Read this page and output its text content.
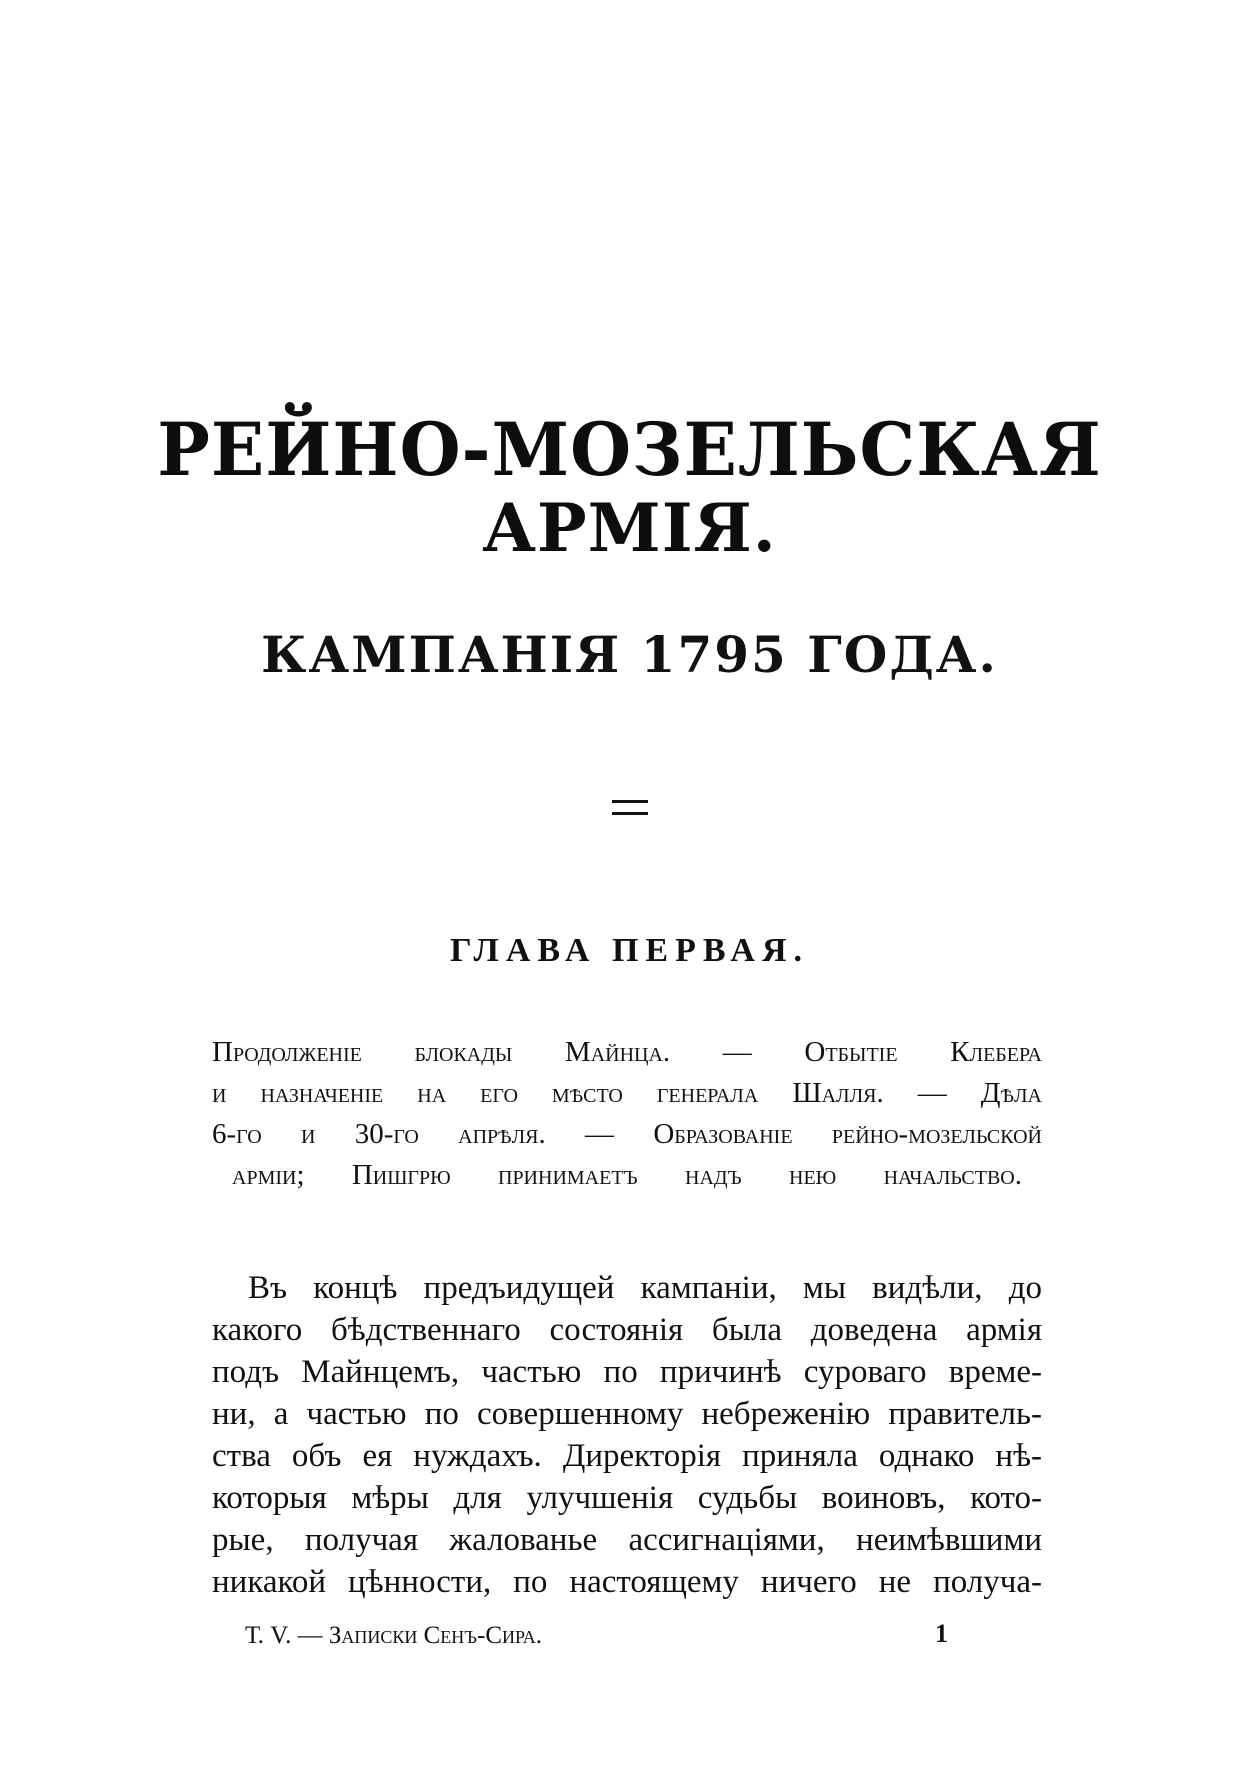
РЕЙНО-МОЗЕЛЬСКАЯ
АРМІЯ.
КАМПАНІЯ 1795 ГОДА.
ГЛАВА ПЕРВАЯ.
Продолженіе блокады Майнца. — Отбытіе Клебера
и назначеніе на его мѣсто генерала Шалля. — Дѣла
6-го и 30-го апрѣля. — Образованіе рейно-мозельской
арміи; Пишгрю принимаетъ надъ нею начальство.
Въ концѣ предъидущей кампаніи, мы видѣли, до
какого бѣдственнаго состоянія была доведена армія
подъ Майнцемъ, частью по причинѣ суроваго време-
ни, а частью по совершенному небреженію правитель-
ства объ ея нуждахъ. Директорія приняла однако нѣ-
которыя мѣры для улучшенія судьбы воиновъ, кото-
рые, получая жалованье ассигнаціями, неимѣвшими
никакой цѣнности, по настоящему ничего не получа-
Т. V. — Записки Сенъ-Сира.	1
